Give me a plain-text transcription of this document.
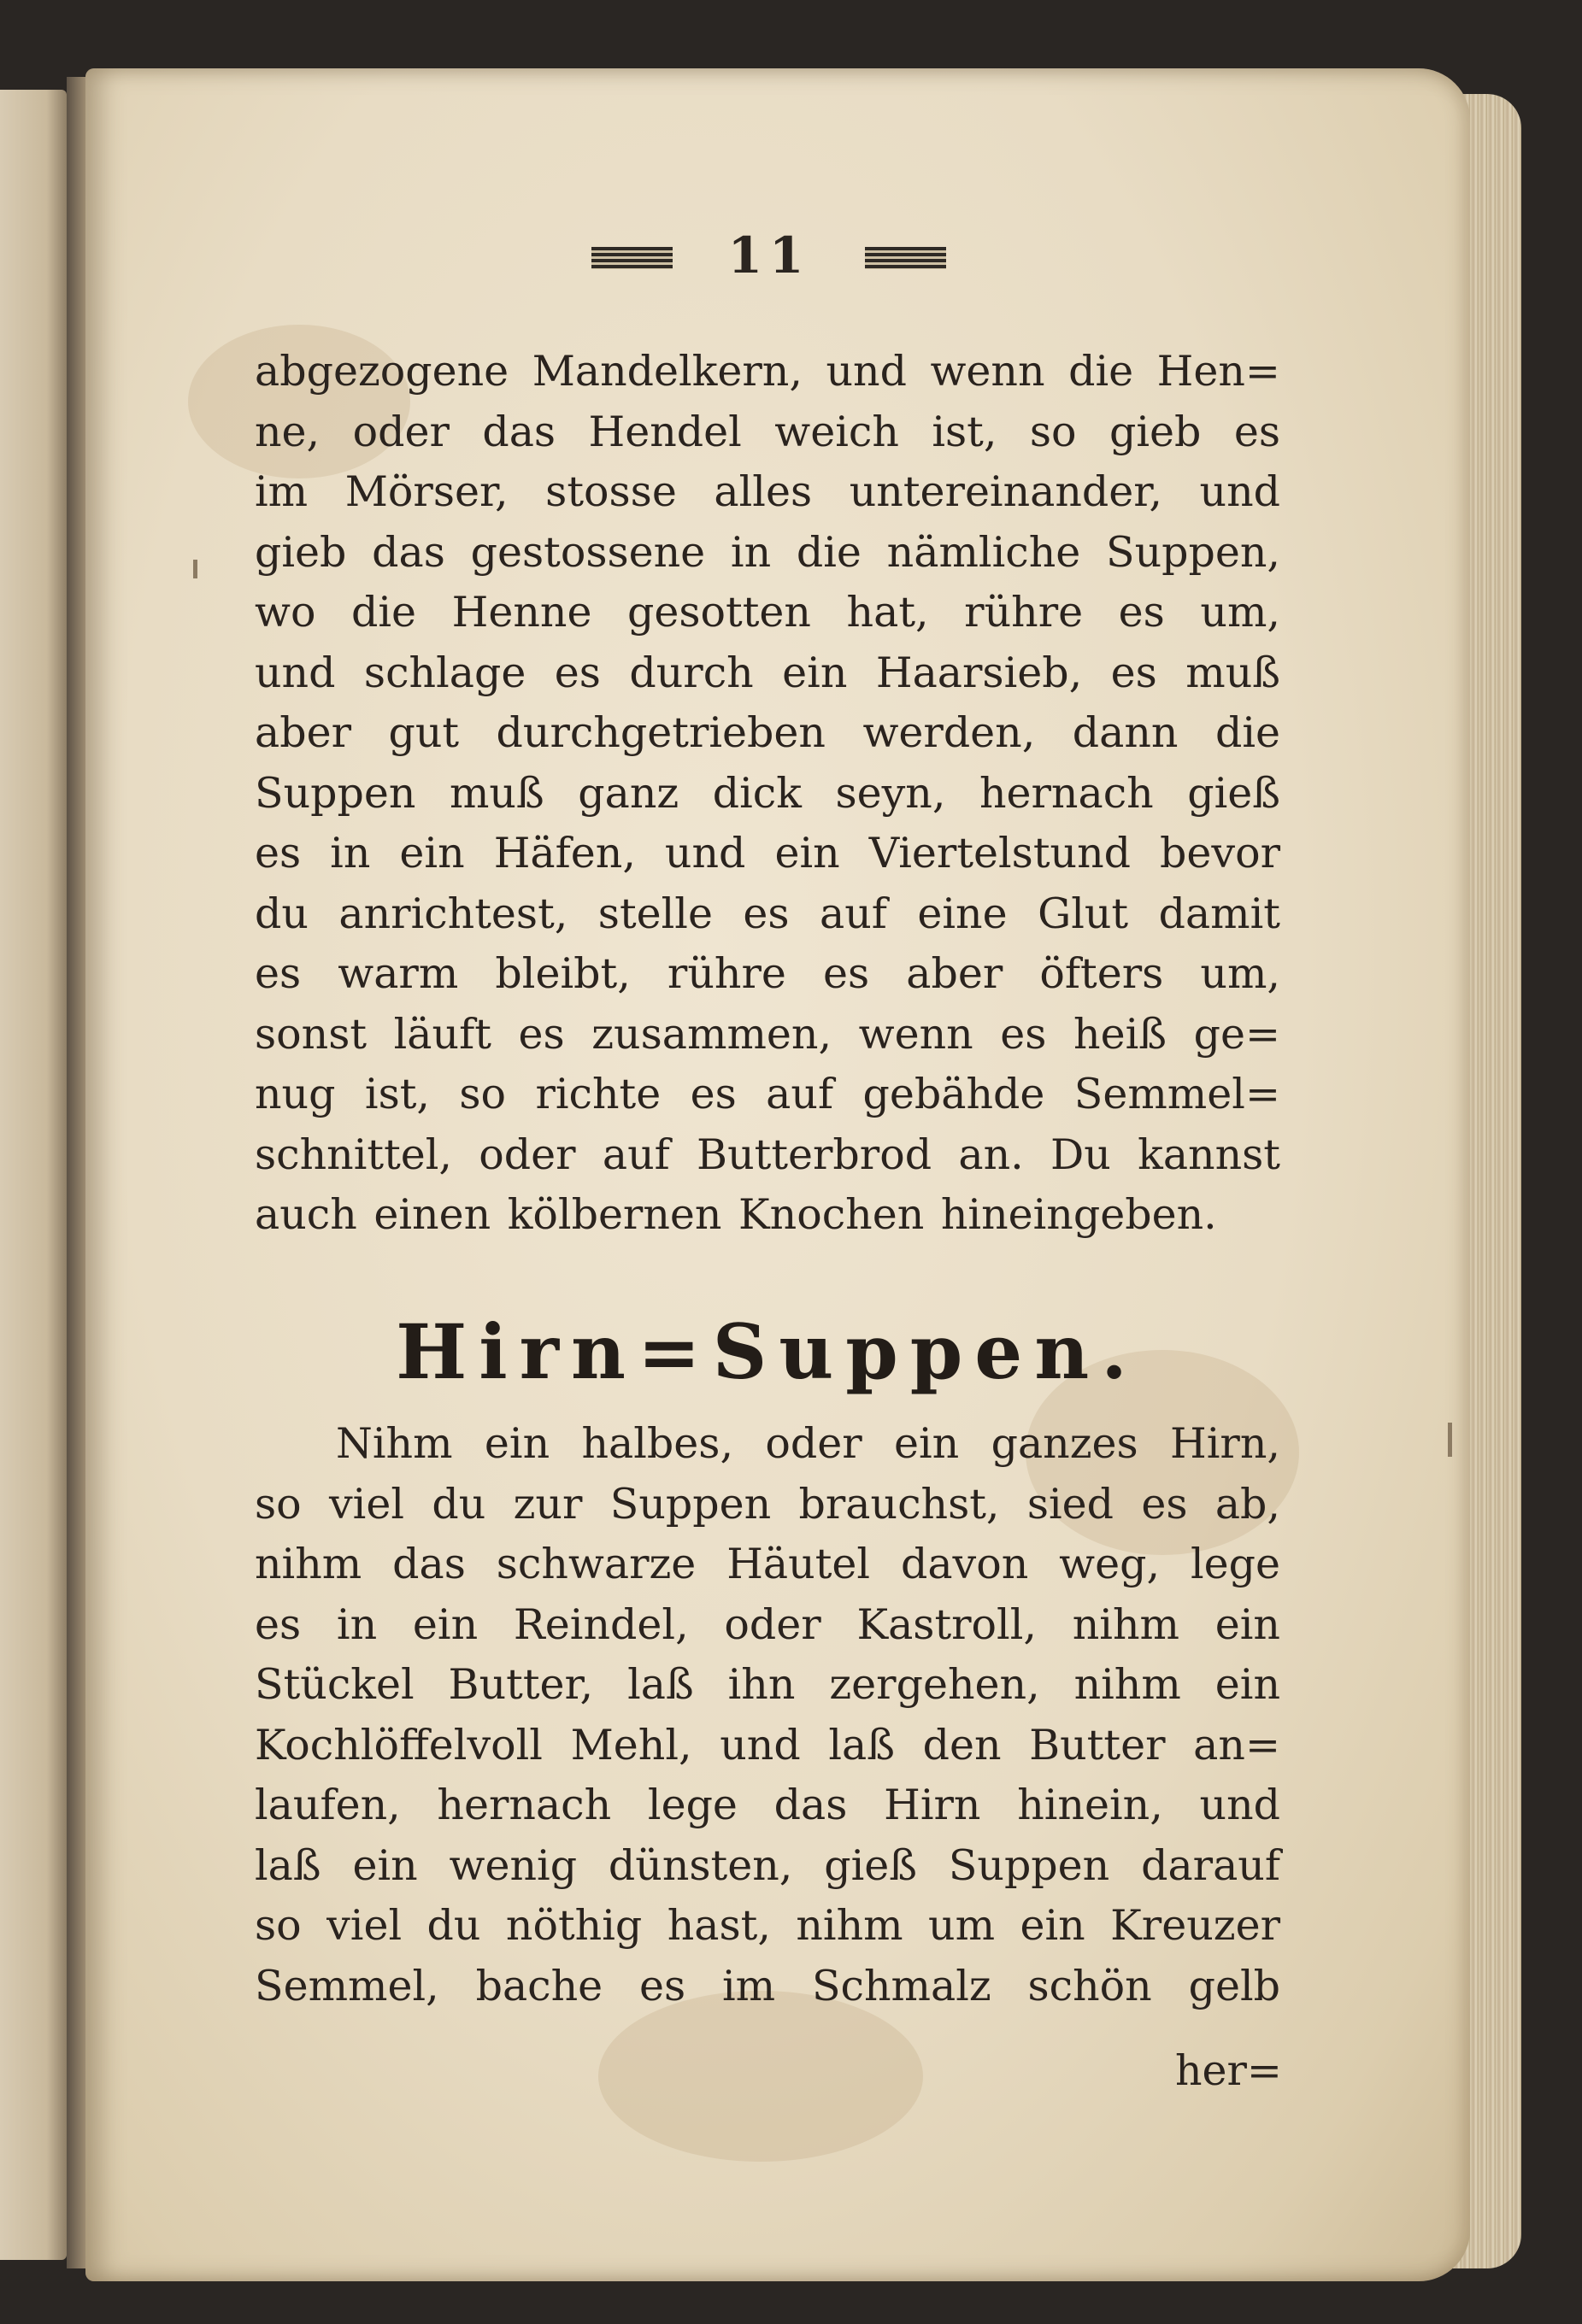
11
abgezogene Mandelkern, und wenn die Hen=
ne, oder das Hendel weich ist, so gieb es
im Mörser, stosse alles untereinander, und
gieb das gestossene in die nämliche Suppen,
wo die Henne gesotten hat, rühre es um,
und schlage es durch ein Haarsieb, es muß
aber gut durchgetrieben werden, dann die
Suppen muß ganz dick seyn, hernach gieß
es in ein Häfen, und ein Viertelstund bevor
du anrichtest, stelle es auf eine Glut damit
es warm bleibt, rühre es aber öfters um,
sonst läuft es zusammen, wenn es heiß ge=
nug ist, so richte es auf gebähde Semmel=
schnittel, oder auf Butterbrod an. Du kannst
auch einen kölbernen Knochen hineingeben.
Hirn=Suppen.
Nihm ein halbes, oder ein ganzes Hirn,
so viel du zur Suppen brauchst, sied es ab,
nihm das schwarze Häutel davon weg, lege
es in ein Reindel, oder Kastroll, nihm ein
Stückel Butter, laß ihn zergehen, nihm ein
Kochlöffelvoll Mehl, und laß den Butter an=
laufen, hernach lege das Hirn hinein, und
laß ein wenig dünsten, gieß Suppen darauf
so viel du nöthig hast, nihm um ein Kreuzer
Semmel, bache es im Schmalz schön gelb
her=
